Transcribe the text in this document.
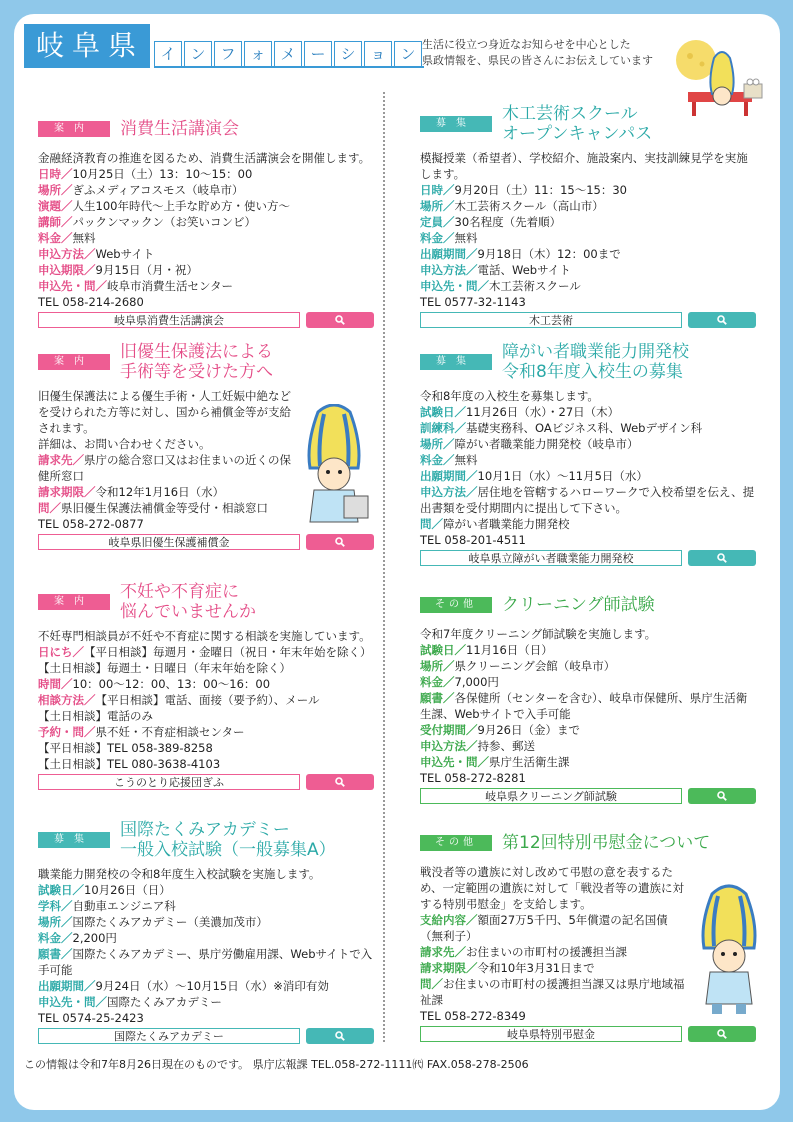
岐阜県	イ ン フ ォ メ ー シ ョ ン
生活に役立つ身近なお知らせを中心とした
県政情報を、県民の皆さんにお伝えしています
案内	消費生活講演会
金融経済教育の推進を図るため、消費生活講演会を開催します。
日時／10月25日（土）13：10〜15：00
場所／ぎふメディアコスモス（岐阜市）
演題／人生100年時代〜上手な貯め方・使い方〜
講師／パックンマックン（お笑いコンビ）
料金／無料
申込方法／Webサイト
申込期限／9月15日（月・祝）
申込先・問／岐阜市消費生活センター
TEL 058-214-2680
岐阜県消費生活講演会
案内	旧優生保護法による
手術等を受けた方へ
旧優生保護法による優生手術・人工妊娠中絶などを受けられた方等に対し、国から補償金等が支給されます。
詳細は、お問い合わせください。
請求先／県庁の総合窓口又はお住まいの近くの保健所窓口
請求期限／令和12年1月16日（水）
問／県旧優生保護法補償金等受付・相談窓口
TEL 058-272-0877
岐阜県旧優生保護補償金
案内	不妊や不育症に
悩んでいませんか
不妊専門相談員が不妊や不育症に関する相談を実施しています。
日にち／【平日相談】毎週月・金曜日（祝日・年末年始を除く）
【土日相談】毎週土・日曜日（年末年始を除く）
時間／10：00〜12：00、13：00〜16：00
相談方法／【平日相談】電話、面接（要予約）、メール
【土日相談】電話のみ
予約・問／県不妊・不育症相談センター
【平日相談】TEL 058-389-8258
【土日相談】TEL 080-3638-4103
こうのとり応援団ぎふ
募集	国際たくみアカデミー
一般入校試験（一般募集A）
職業能力開発校の令和8年度生入校試験を実施します。
試験日／10月26日（日）
学科／自動車エンジニア科
場所／国際たくみアカデミー（美濃加茂市）
料金／2,200円
願書／国際たくみアカデミー、県庁労働雇用課、Webサイトで入手可能
出願期間／9月24日（水）〜10月15日（水）※消印有効
申込先・問／国際たくみアカデミー
TEL 0574-25-2423
国際たくみアカデミー
募集	木工芸術スクール
オープンキャンパス
模擬授業（希望者）、学校紹介、施設案内、実技訓練見学を実施します。
日時／9月20日（土）11：15〜15：30
場所／木工芸術スクール（高山市）
定員／30名程度（先着順）
料金／無料
出願期間／9月18日（木）12：00まで
申込方法／電話、Webサイト
申込先・問／木工芸術スクール
TEL 0577-32-1143
木工芸術
募集	障がい者職業能力開発校
令和8年度入校生の募集
令和8年度の入校生を募集します。
試験日／11月26日（水）・27日（木）
訓練科／基礎実務科、OAビジネス科、Webデザイン科
場所／障がい者職業能力開発校（岐阜市）
料金／無料
出願期間／10月1日（水）〜11月5日（水）
申込方法／居住地を管轄するハローワークで入校希望を伝え、提出書類を受付期間内に提出して下さい。
問／障がい者職業能力開発校
TEL 058-201-4511
岐阜県立障がい者職業能力開発校
その他	クリーニング師試験
令和7年度クリーニング師試験を実施します。
試験日／11月16日（日）
場所／県クリーニング会館（岐阜市）
料金／7,000円
願書／各保健所（センターを含む）、岐阜市保健所、県庁生活衛生課、Webサイトで入手可能
受付期間／9月26日（金）まで
申込方法／持参、郵送
申込先・問／県庁生活衛生課
TEL 058-272-8281
岐阜県クリーニング師試験
その他	第12回特別弔慰金について
戦没者等の遺族に対し改めて弔慰の意を表するため、一定範囲の遺族に対して「戦没者等の遺族に対する特別弔慰金」を支給します。
支給内容／額面27万5千円、5年償還の記名国債（無利子）
請求先／お住まいの市町村の援護担当課
請求期限／令和10年3月31日まで
問／お住まいの市町村の援護担当課又は県庁地域福祉課
TEL 058-272-8349
岐阜県特別弔慰金
この情報は令和7年8月26日現在のものです。 県庁広報課 TEL.058-272-1111㈹ FAX.058-278-2506
